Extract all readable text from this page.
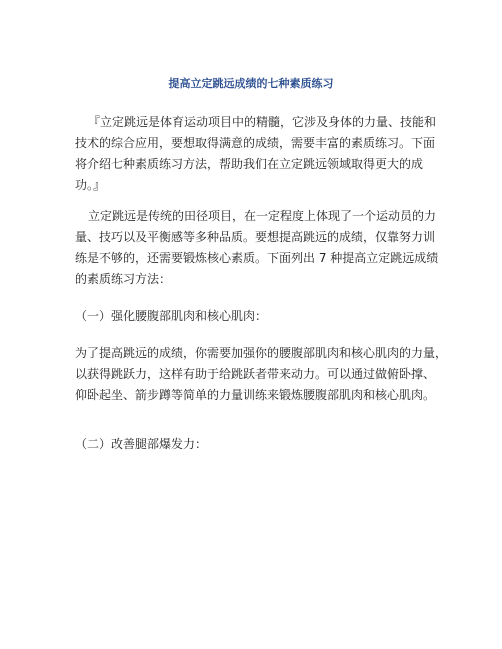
提高立定跳远成绩的七种素质练习
『立定跳远是体育运动项目中的精髓，它涉及身体的力量、技能和
技术的综合应用，要想取得满意的成绩，需要丰富的素质练习。下面
将介绍七种素质练习方法，帮助我们在立定跳远领域取得更大的成
功。』
立定跳远是传统的田径项目，在一定程度上体现了一个运动员的力
量、技巧以及平衡感等多种品质。要想提高跳远的成绩，仅靠努力训
练是不够的，还需要锻炼核心素质。下面列出 7 种提高立定跳远成绩
的素质练习方法：
（一）强化腰腹部肌肉和核心肌肉：
为了提高跳远的成绩，你需要加强你的腰腹部肌肉和核心肌肉的力量，
以获得跳跃力，这样有助于给跳跃者带来动力。可以通过做俯卧撑、
仰卧起坐、箭步蹲等简单的力量训练来锻炼腰腹部肌肉和核心肌肉。
（二）改善腿部爆发力：
